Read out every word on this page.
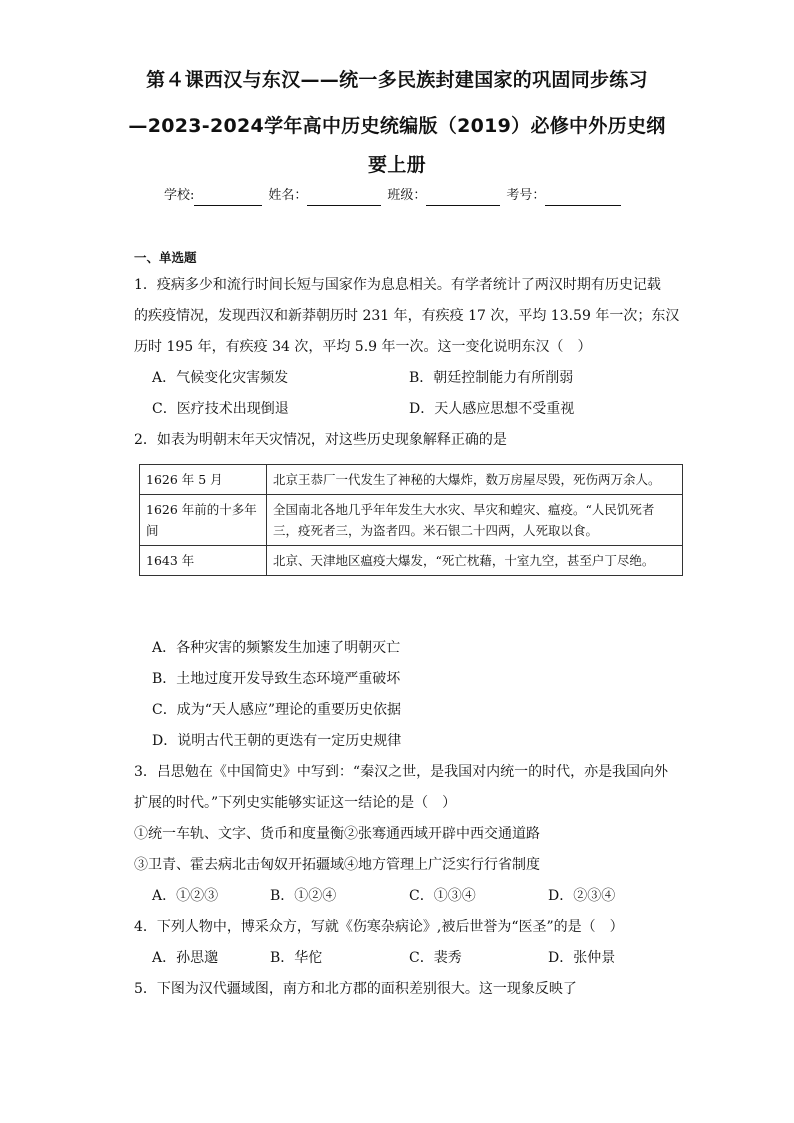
第４课西汉与东汉——统一多民族封建国家的巩固同步练习
—2023-2024学年高中历史统编版（2019）必修中外历史纲
要上册
学校:	姓名：	班级：	考号：
一、单选题
1．疫病多少和流行时间长短与国家作为息息相关。有学者统计了两汉时期有历史记载
的疾疫情况，发现西汉和新莽朝历时 231 年，有疾疫 17 次，平均 13.59 年一次；东汉
历时 195 年，有疾疫 34 次，平均 5.9 年一次。这一变化说明东汉（　）
A．气候变化灾害频发	B．朝廷控制能力有所削弱
C．医疗技术出现倒退	D．天人感应思想不受重视
2．如表为明朝末年天灾情况，对这些历史现象解释正确的是
1626 年 5 月	北京王恭厂一代发生了神秘的大爆炸，数万房屋尽毁，死伤两万余人。
1626 年前的十多年间	全国南北各地几乎年年发生大水灾、旱灾和蝗灾、瘟疫。“人民饥死者三，疫死者三，为盗者四。米石银二十四两，人死取以食。
1643 年	北京、天津地区瘟疫大爆发，“死亡枕藉，十室九空，甚至户丁尽绝。
A．各种灾害的频繁发生加速了明朝灭亡
B．土地过度开发导致生态环境严重破坏
C．成为“天人感应”理论的重要历史依据
D．说明古代王朝的更迭有一定历史规律
3．吕思勉在《中国简史》中写到：“秦汉之世，是我国对内统一的时代，亦是我国向外
扩展的时代。”下列史实能够实证这一结论的是（　）
①统一车轨、文字、货币和度量衡②张骞通西域开辟中西交通道路
③卫青、霍去病北击匈奴开拓疆域④地方管理上广泛实行行省制度
A．①②③	B．①②④	C．①③④	D．②③④
4．下列人物中，博采众方，写就《伤寒杂病论》,被后世誉为“医圣”的是（　）
A．孙思邈	B．华佗	C．裴秀	D．张仲景
5．下图为汉代疆域图，南方和北方郡的面积差别很大。这一现象反映了
